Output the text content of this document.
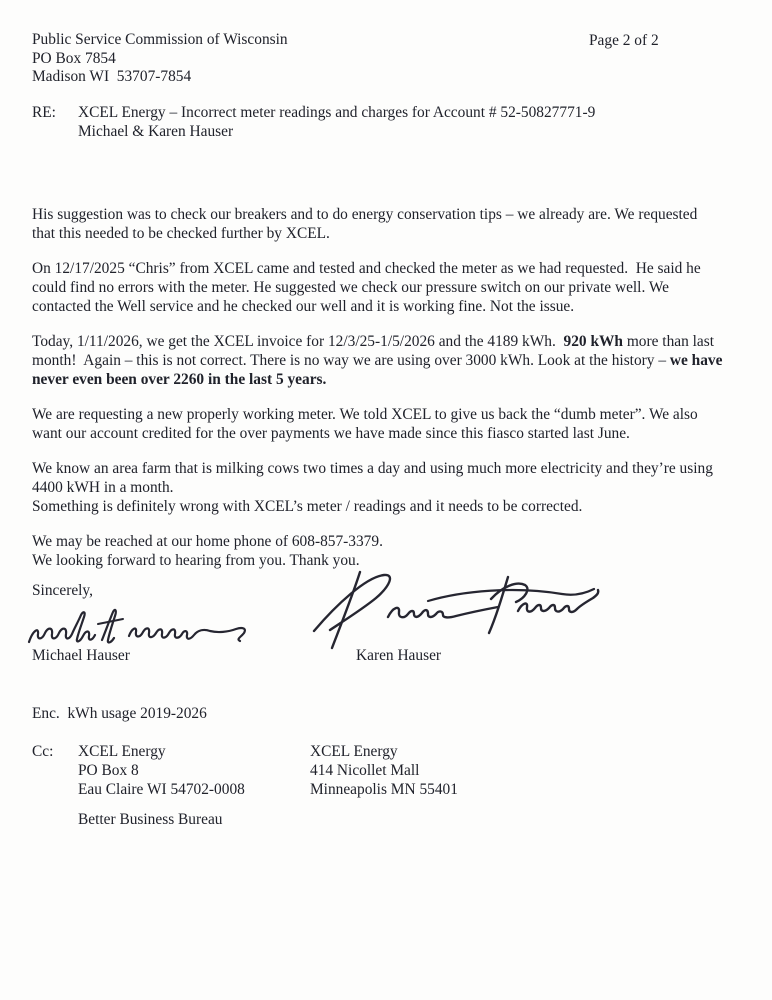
Public Service Commission of Wisconsin
PO Box 7854
Madison WI  53707-7854
Page 2 of 2
RE:	XCEL Energy – Incorrect meter readings and charges for Account # 52-50827771-9
Michael & Karen Hauser
His suggestion was to check our breakers and to do energy conservation tips – we already are. We requested
that this needed to be checked further by XCEL.
On 12/17/2025 “Chris” from XCEL came and tested and checked the meter as we had requested.  He said he
could find no errors with the meter. He suggested we check our pressure switch on our private well. We
contacted the Well service and he checked our well and it is working fine. Not the issue.
Today, 1/11/2026, we get the XCEL invoice for 12/3/25-1/5/2026 and the 4189 kWh.  920 kWh more than last
month!  Again – this is not correct. There is no way we are using over 3000 kWh. Look at the history – we have
never even been over 2260 in the last 5 years.
We are requesting a new properly working meter. We told XCEL to give us back the “dumb meter”. We also
want our account credited for the over payments we have made since this fiasco started last June.
We know an area farm that is milking cows two times a day and using much more electricity and they’re using
4400 kWH in a month.
Something is definitely wrong with XCEL’s meter / readings and it needs to be corrected.
We may be reached at our home phone of 608-857-3379.
We looking forward to hearing from you. Thank you.
Sincerely,
Michael Hauser	Karen Hauser
Enc.  kWh usage 2019-2026
Cc: XCEL Energy
PO Box 8
Eau Claire WI 54702-0008
XCEL Energy
414 Nicollet Mall
Minneapolis MN 55401
Better Business Bureau
